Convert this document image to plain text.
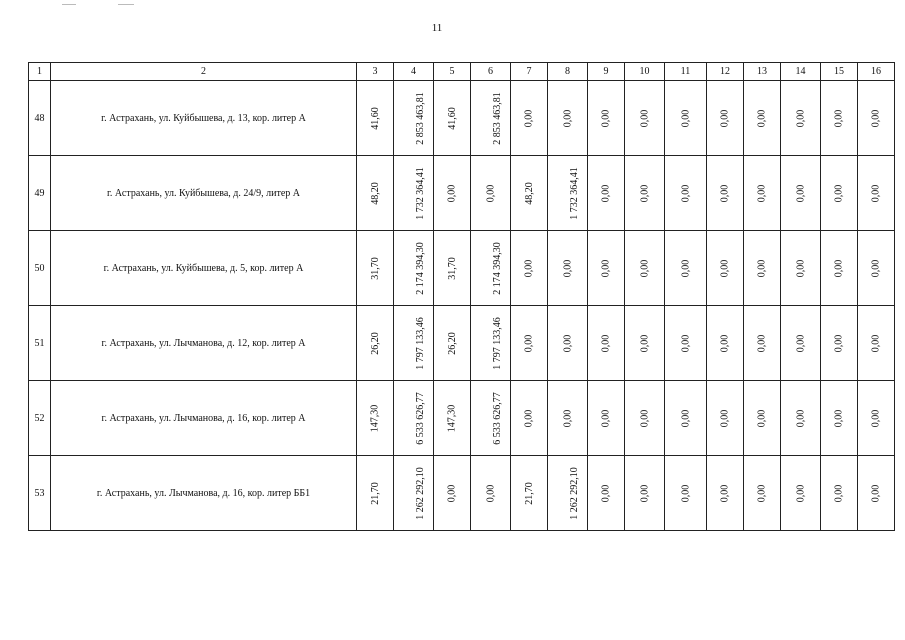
11
1	2	3	4	5	6	7	8	9	10	11	12	13	14	15	16
48	г. Астрахань, ул. Куйбышева, д. 13, кор. литер А	41,60	2 853 463,81	41,60	2 853 463,81	0,00	0,00	0,00	0,00	0,00	0,00	0,00	0,00	0,00	0,00
49	г. Астрахань, ул. Куйбышева, д. 24/9, литер А	48,20	1 732 364,41	0,00	0,00	48,20	1 732 364,41	0,00	0,00	0,00	0,00	0,00	0,00	0,00	0,00
50	г. Астрахань, ул. Куйбышева, д. 5, кор. литер А	31,70	2 174 394,30	31,70	2 174 394,30	0,00	0,00	0,00	0,00	0,00	0,00	0,00	0,00	0,00	0,00
51	г. Астрахань, ул. Лычманова, д. 12, кор. литер А	26,20	1 797 133,46	26,20	1 797 133,46	0,00	0,00	0,00	0,00	0,00	0,00	0,00	0,00	0,00	0,00
52	г. Астрахань, ул. Лычманова, д. 16, кор. литер А	147,30	6 533 626,77	147,30	6 533 626,77	0,00	0,00	0,00	0,00	0,00	0,00	0,00	0,00	0,00	0,00
53	г. Астрахань, ул. Лычманова, д. 16, кор. литер ББ1	21,70	1 262 292,10	0,00	0,00	21,70	1 262 292,10	0,00	0,00	0,00	0,00	0,00	0,00	0,00	0,00
